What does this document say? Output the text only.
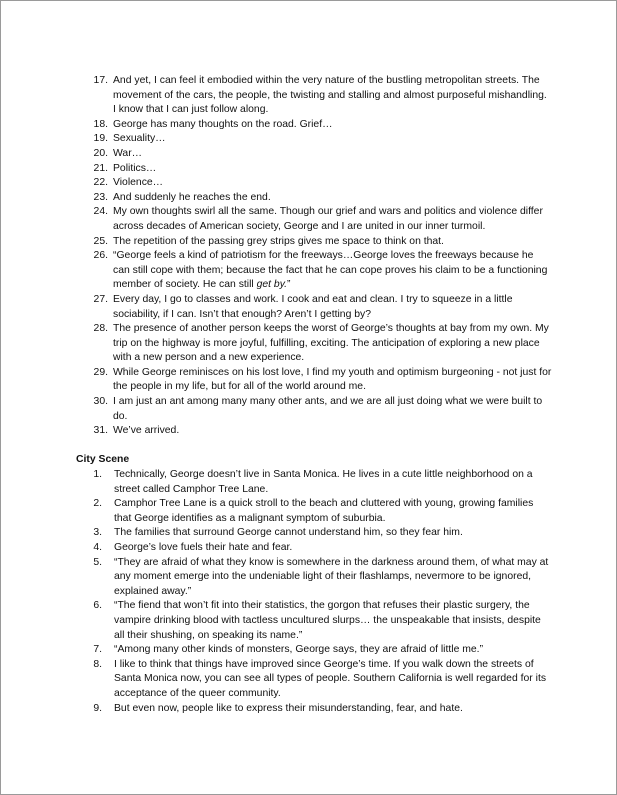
17. And yet, I can feel it embodied within the very nature of the bustling metropolitan streets. The movement of the cars, the people, the twisting and stalling and almost purposeful mishandling. I know that I can just follow along.
18. George has many thoughts on the road. Grief…
19. Sexuality…
20. War…
21. Politics…
22. Violence…
23. And suddenly he reaches the end.
24. My own thoughts swirl all the same. Though our grief and wars and politics and violence differ across decades of American society, George and I are united in our inner turmoil.
25. The repetition of the passing grey strips gives me space to think on that.
26. “George feels a kind of patriotism for the freeways…George loves the freeways because he can still cope with them; because the fact that he can cope proves his claim to be a functioning member of society. He can still get by.”
27. Every day, I go to classes and work. I cook and eat and clean. I try to squeeze in a little sociability, if I can. Isn’t that enough? Aren’t I getting by?
28. The presence of another person keeps the worst of George’s thoughts at bay from my own. My trip on the highway is more joyful, fulfilling, exciting. The anticipation of exploring a new place with a new person and a new experience.
29. While George reminisces on his lost love, I find my youth and optimism burgeoning - not just for the people in my life, but for all of the world around me.
30. I am just an ant among many many other ants, and we are all just doing what we were built to do.
31. We’ve arrived.
City Scene
1.	Technically, George doesn’t live in Santa Monica. He lives in a cute little neighborhood on a street called Camphor Tree Lane.
2.	Camphor Tree Lane is a quick stroll to the beach and cluttered with young, growing families that George identifies as a malignant symptom of suburbia.
3.	The families that surround George cannot understand him, so they fear him.
4.	George’s love fuels their hate and fear.
5.	“They are afraid of what they know is somewhere in the darkness around them, of what may at any moment emerge into the undeniable light of their flashlamps, nevermore to be ignored, explained away.”
6.	“The fiend that won’t fit into their statistics, the gorgon that refuses their plastic surgery, the vampire drinking blood with tactless uncultured slurps… the unspeakable that insists, despite all their shushing, on speaking its name.”
7.	“Among many other kinds of monsters, George says, they are afraid of little me.”
8.	I like to think that things have improved since George’s time. If you walk down the streets of Santa Monica now, you can see all types of people. Southern California is well regarded for its acceptance of the queer community.
9.	But even now, people like to express their misunderstanding, fear, and hate.
